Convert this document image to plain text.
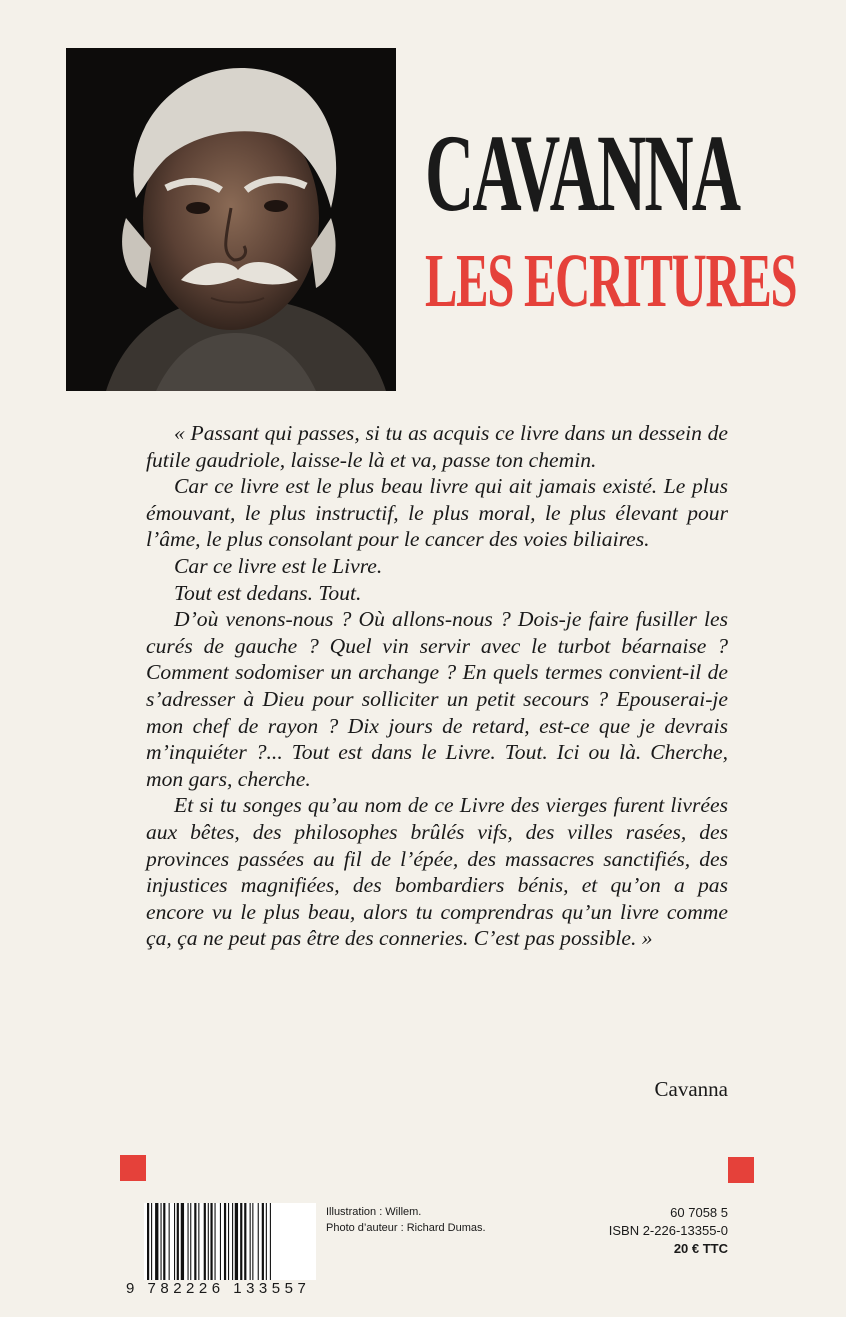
CAVANNA
LES ECRITURES

« Passant qui passes, si tu as acquis ce livre dans un dessein de futile gaudriole, laisse-le là et va, passe ton chemin.

Car ce livre est le plus beau livre qui ait jamais existé. Le plus émouvant, le plus instructif, le plus moral, le plus élevant pour l’âme, le plus consolant pour le cancer des voies biliaires.

Car ce livre est le Livre.

Tout est dedans. Tout.

D’où venons-nous ? Où allons-nous ? Dois-je faire fusiller les curés de gauche ? Quel vin servir avec le turbot béarnaise ? Comment sodomiser un archange ? En quels termes convient-il de s’adresser à Dieu pour solliciter un petit secours ? Epouserai-je mon chef de rayon ? Dix jours de retard, est-ce que je devrais m’inquiéter ?... Tout est dans le Livre. Tout. Ici ou là. Cherche, mon gars, cherche.

Et si tu songes qu’au nom de ce Livre des vierges furent livrées aux bêtes, des philosophes brûlés vifs, des villes rasées, des provinces passées au fil de l’épée, des massacres sanctifiés, des injustices magnifiées, des bombardiers bénis, et qu’on a pas encore vu le plus beau, alors tu comprendras qu’un livre comme ça, ça ne peut pas être des conneries. C’est pas possible. »

Cavanna
9 782226 133557
Illustration : Willem.
Photo d’auteur : Richard Dumas.
60 7058 5
ISBN 2-226-13355-0
20 € TTC
